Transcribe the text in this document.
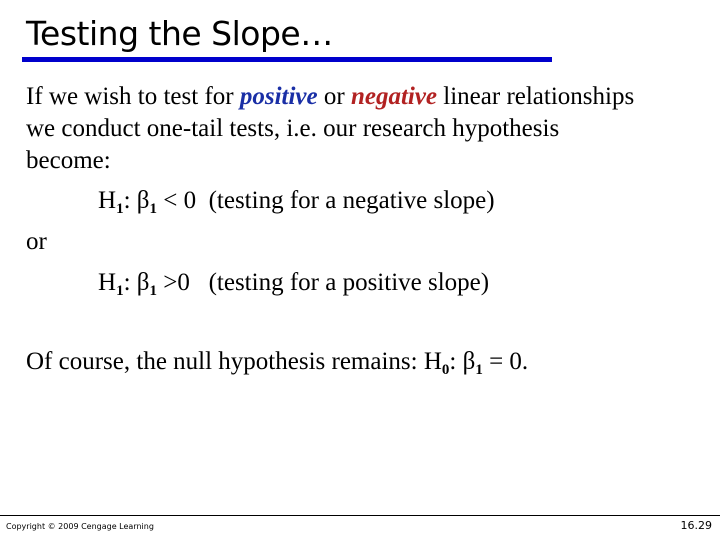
Testing the Slope…
If we wish to test for positive or negative linear relationships
we conduct one-tail tests, i.e. our research hypothesis
become:
$H_1$: $\beta_1 < 0$  (testing for a negative slope)
or
$H_1$: $\beta_1 >0$   (testing for a positive slope)
Of course, the null hypothesis remains: $H_0$: $\beta_1 = 0$.
Copyright © 2009 Cengage Learning	16.29
